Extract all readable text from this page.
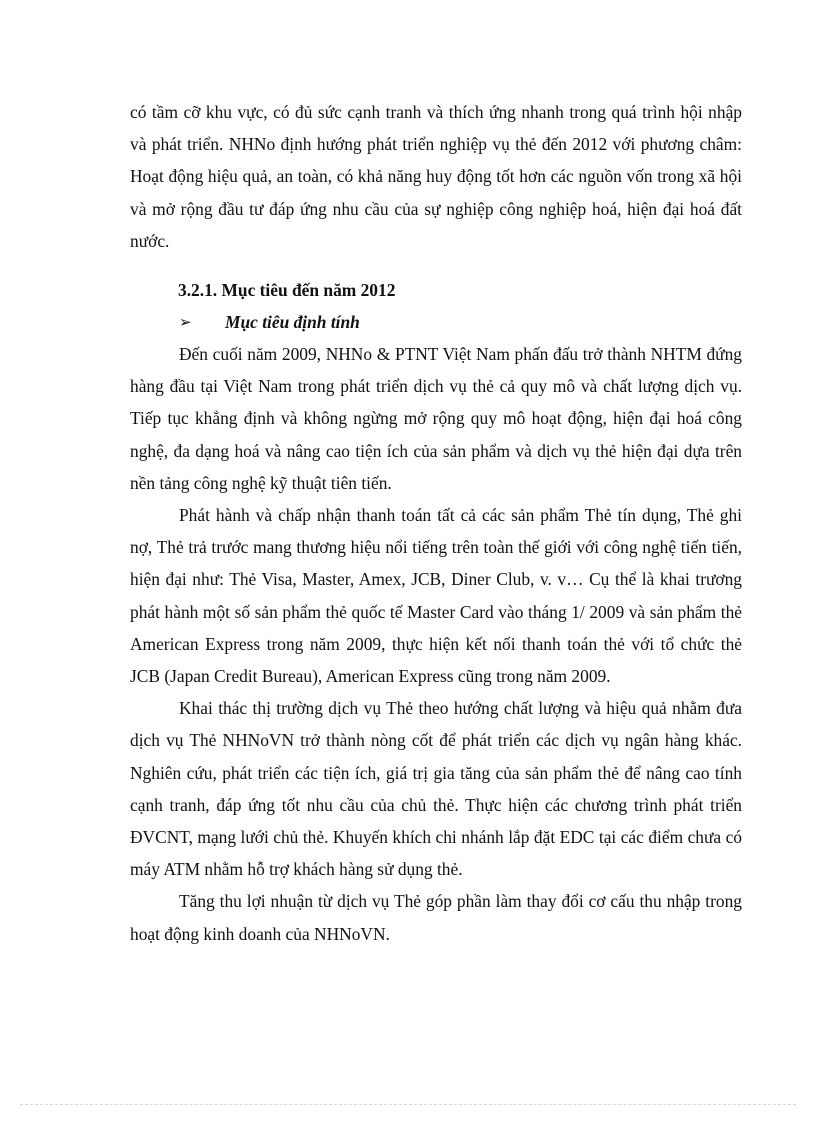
có tầm cỡ khu vực, có đủ sức cạnh tranh và thích ứng nhanh trong quá trình hội nhập và phát triển. NHNo định hướng phát triển nghiệp vụ thẻ đến 2012 với phương châm: Hoạt động hiệu quả, an toàn, có khả năng huy động tốt hơn các nguồn vốn trong xã hội và mở rộng đầu tư đáp ứng nhu cầu của sự nghiệp công nghiệp hoá, hiện đại hoá đất nước.

3.2.1. Mục tiêu đến năm 2012
➢	Mục tiêu định tính

Đến cuối năm 2009, NHNo & PTNT Việt Nam phấn đấu trở thành NHTM đứng hàng đầu tại Việt Nam trong phát triển dịch vụ thẻ cả quy mô và chất lượng dịch vụ. Tiếp tục khẳng định và không ngừng mở rộng quy mô hoạt động, hiện đại hoá công nghệ, đa dạng hoá và nâng cao tiện ích của sản phẩm và dịch vụ thẻ hiện đại dựa trên nền tảng công nghệ kỹ thuật tiên tiến.

Phát hành và chấp nhận thanh toán tất cả các sản phẩm Thẻ tín dụng, Thẻ ghi nợ, Thẻ trả trước mang thương hiệu nổi tiếng trên toàn thế giới với công nghệ tiến tiến, hiện đại như: Thẻ Visa, Master, Amex, JCB, Diner Club, v. v… Cụ thể là khai trương phát hành một số sản phẩm thẻ quốc tế Master Card vào tháng 1/ 2009 và sản phẩm thẻ American Express trong năm 2009, thực hiện kết nối thanh toán thẻ với tổ chức thẻ JCB (Japan Credit Bureau), American Express cũng trong năm 2009.

Khai thác thị trường dịch vụ Thẻ theo hướng chất lượng và hiệu quả nhằm đưa dịch vụ Thẻ NHNoVN trở thành nòng cốt để phát triển các dịch vụ ngân hàng khác. Nghiên cứu, phát triển các tiện ích, giá trị gia tăng của sản phẩm thẻ để nâng cao tính cạnh tranh, đáp ứng tốt nhu cầu của chủ thẻ. Thực hiện các chương trình phát triển ĐVCNT, mạng lưới chủ thẻ. Khuyến khích chi nhánh lắp đặt EDC tại các điểm chưa có máy ATM nhằm hỗ trợ khách hàng sử dụng thẻ.

Tăng thu lợi nhuận từ dịch vụ Thẻ góp phần làm thay đổi cơ cấu thu nhập trong hoạt động kinh doanh của NHNoVN.
